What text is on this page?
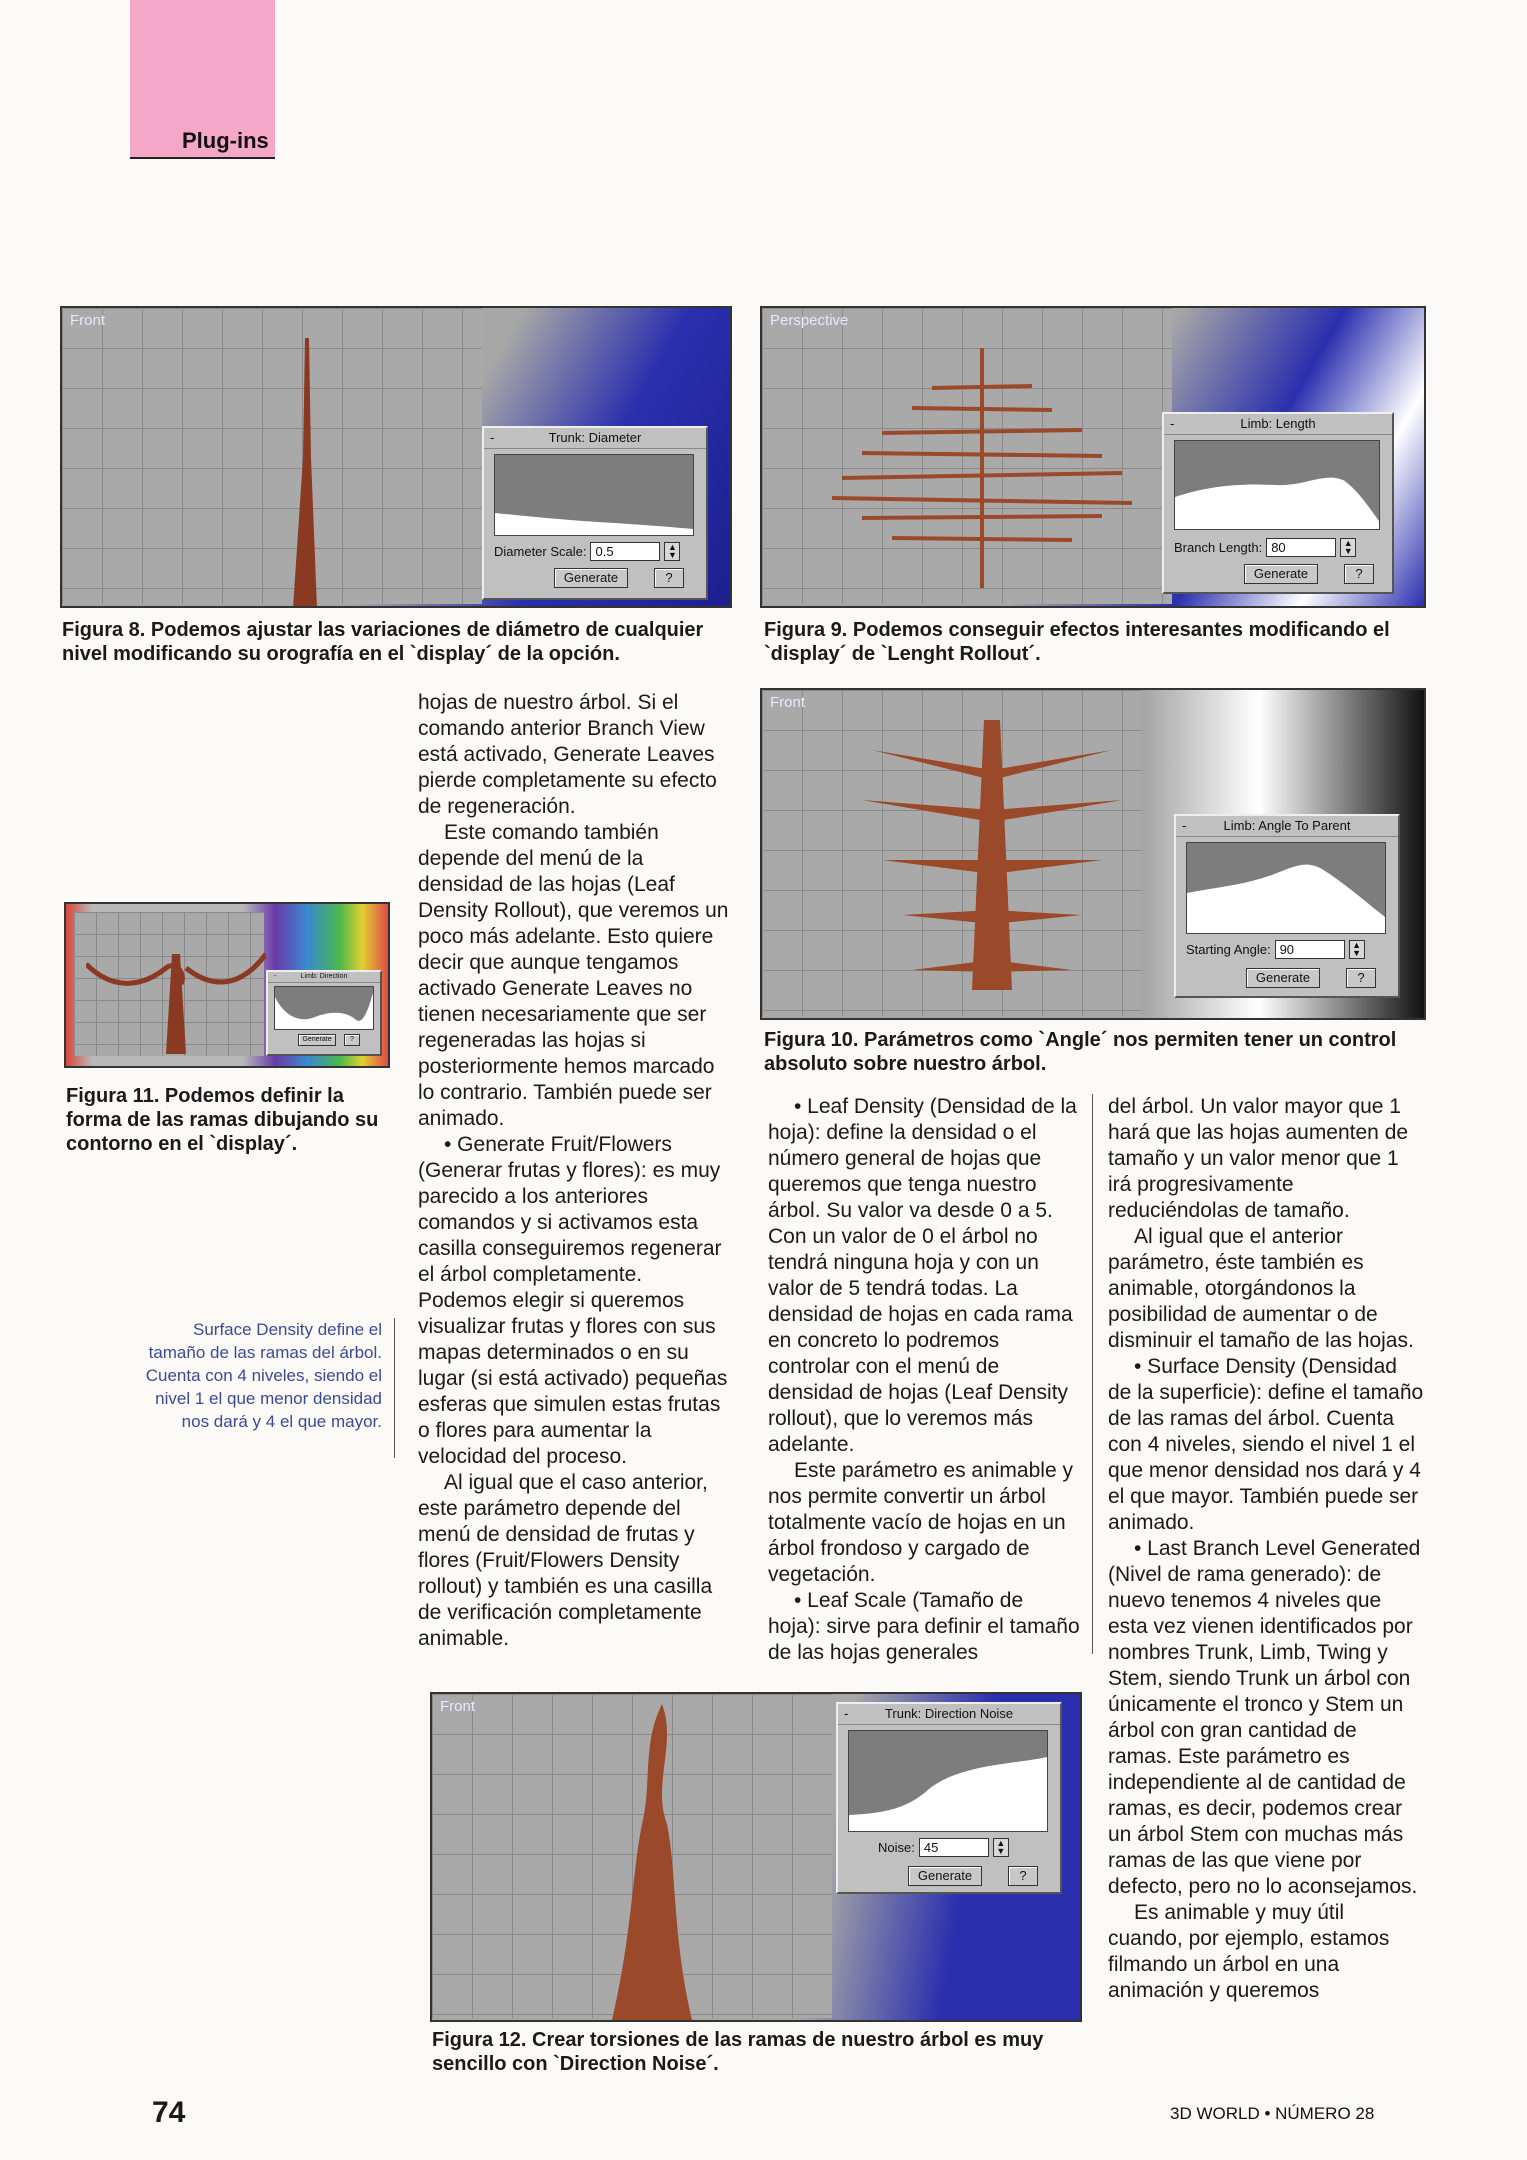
Plug-ins
Front
-	Trunk: Diameter
Diameter Scale: 0.5	▲
▼
Generate	?
Figura 8. Podemos ajustar las variaciones de diámetro de cualquier nivel modificando su orografía en el `display´ de la opción.
Perspective
-	Limb: Length
Branch Length: 80	▲
▼
Generate	?
Figura 9. Podemos conseguir efectos interesantes modificando el `display´ de `Lenght Rollout´.
Front
-	Limb: Angle To Parent
Starting Angle: 90	▲
▼
Generate	?
Figura 10. Parámetros como `Angle´ nos permiten tener un control absoluto sobre nuestro árbol.
-	Limb: Direction
Generate	?
Figura 11. Podemos definir la forma de las ramas dibujando su contorno en el `display´.
Surface Density define el tamaño de las ramas del árbol. Cuenta con 4 niveles, siendo el nivel 1 el que menor densidad nos dará y 4 el que mayor.

hojas de nuestro árbol. Si el comando anterior Branch View está activado, Generate Leaves pierde completamente su efecto de regeneración.

Este comando también depende del menú de la densidad de las hojas (Leaf Density Rollout), que veremos un poco más adelante. Esto quiere decir que aunque tengamos activado Generate Leaves no tienen necesariamente que ser regeneradas las hojas si posteriormente hemos marcado lo contrario. También puede ser animado.

• Generate Fruit/Flowers (Generar frutas y flores): es muy parecido a los anteriores comandos y si activamos esta casilla conseguiremos regenerar el árbol completamente. Podemos elegir si queremos visualizar frutas y flores con sus mapas determinados o en su lugar (si está activado) pequeñas esferas que simulen estas frutas o flores para aumentar la velocidad del proceso.

Al igual que el caso anterior, este parámetro depende del menú de densidad de frutas y flores (Fruit/Flowers Density rollout) y también es una casilla de verificación completamente animable.

• Leaf Density (Densidad de la hoja): define la densidad o el número general de hojas que queremos que tenga nuestro árbol. Su valor va desde 0 a 5. Con un valor de 0 el árbol no tendrá ninguna hoja y con un valor de 5 tendrá todas. La densidad de hojas en cada rama en concreto lo podremos controlar con el menú de densidad de hojas (Leaf Density rollout), que lo veremos más adelante.

Este parámetro es animable y nos permite convertir un árbol totalmente vacío de hojas en un árbol frondoso y cargado de vegetación.

• Leaf Scale (Tamaño de hoja): sirve para definir el tamaño de las hojas generales

del árbol. Un valor mayor que 1 hará que las hojas aumenten de tamaño y un valor menor que 1 irá progresivamente reduciéndolas de tamaño.

Al igual que el anterior parámetro, éste también es animable, otorgándonos la posibilidad de aumentar o de disminuir el tamaño de las hojas.

• Surface Density (Densidad de la superficie): define el tamaño de las ramas del árbol. Cuenta con 4 niveles, siendo el nivel 1 el que menor densidad nos dará y 4 el que mayor. También puede ser animado.

• Last Branch Level Generated (Nivel de rama generado): de nuevo tenemos 4 niveles que esta vez vienen identificados por nombres Trunk, Limb, Twing y Stem, siendo Trunk un árbol con únicamente el tronco y Stem un árbol con gran cantidad de ramas. Este parámetro es independiente al de cantidad de ramas, es decir, podemos crear un árbol Stem con muchas más ramas de las que viene por defecto, pero no lo aconsejamos.

Es animable y muy útil cuando, por ejemplo, estamos filmando un árbol en una animación y queremos

Front	-	Trunk: Direction Noise
Noise: 45	▲
▼
Generate	?
Figura 12. Crear torsiones de las ramas de nuestro árbol es muy sencillo con `Direction Noise´.
74	3D WORLD • NÚMERO 28
